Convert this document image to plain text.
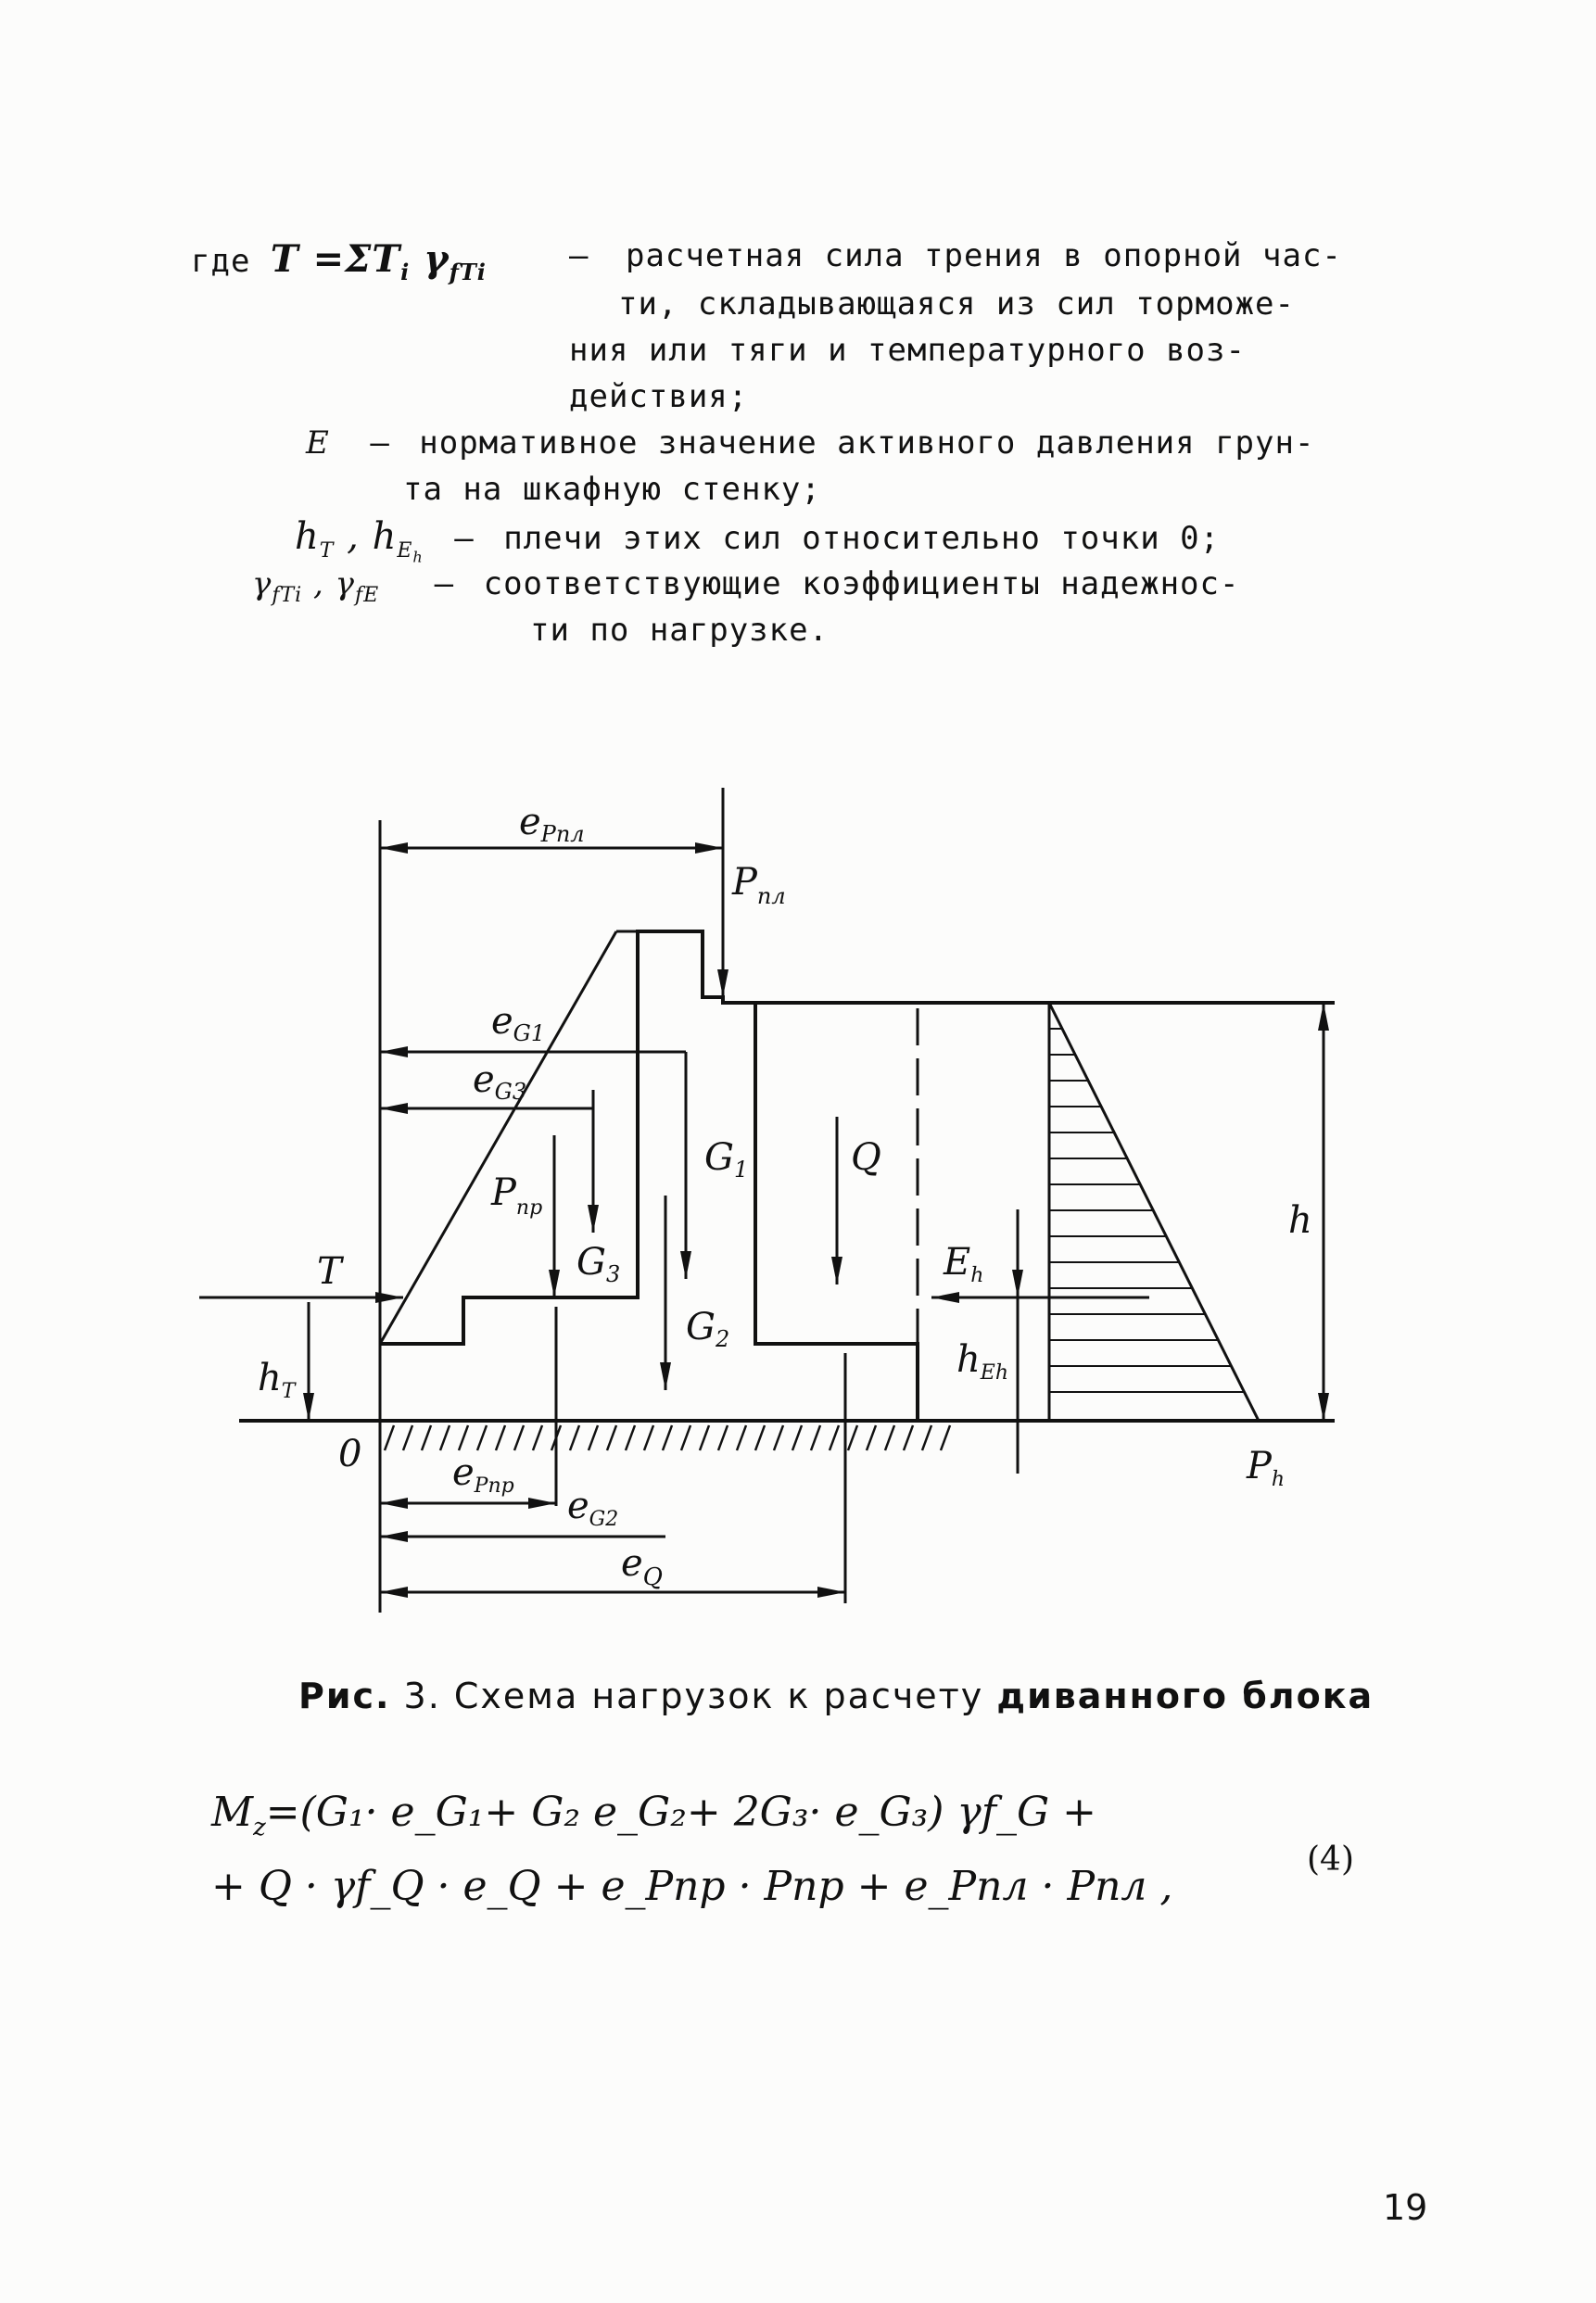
где $T =\Sigma T_i$ $\gamma_{fTi}$	– расчетная сила трения в опорной час-
ти, складывающаяся из сил торможе-
ния или тяги и температурного воз-
действия;
E – нормативное значение активного давления грун-
та на шкафную стенку;
$h_T$ , $h_{E_h}$ – плечи этих сил относительно точки 0;
$\gamma_{fTi}$ , $\gamma_{fE}$ – соответствующие коэффициенты надежнос-
ти по нагрузке.
$e_{Pпл}$
$P_{пл}$
$e_{G1}$
$e_{G3}$
$G_1$	Q
$P_{пр}$
T	$G_3$
$G_2$
$E_h$
h
$h_T$
$h_{Eh}$
0	$P_h$
$e_{Pпр}$ $e_{G2}$
$e_Q$
Рис. 3. Схема нагрузок к расчету диванного блока
$M_z=(G_1\cdot$ e_G₁+ G₂ e_G₂+ 2G₃· e_G₃) γf_G +
+ Q · γf_Q · e_Q + e_Pпр · Pпр + e_Pпл · Pпл ,
(4)
19
